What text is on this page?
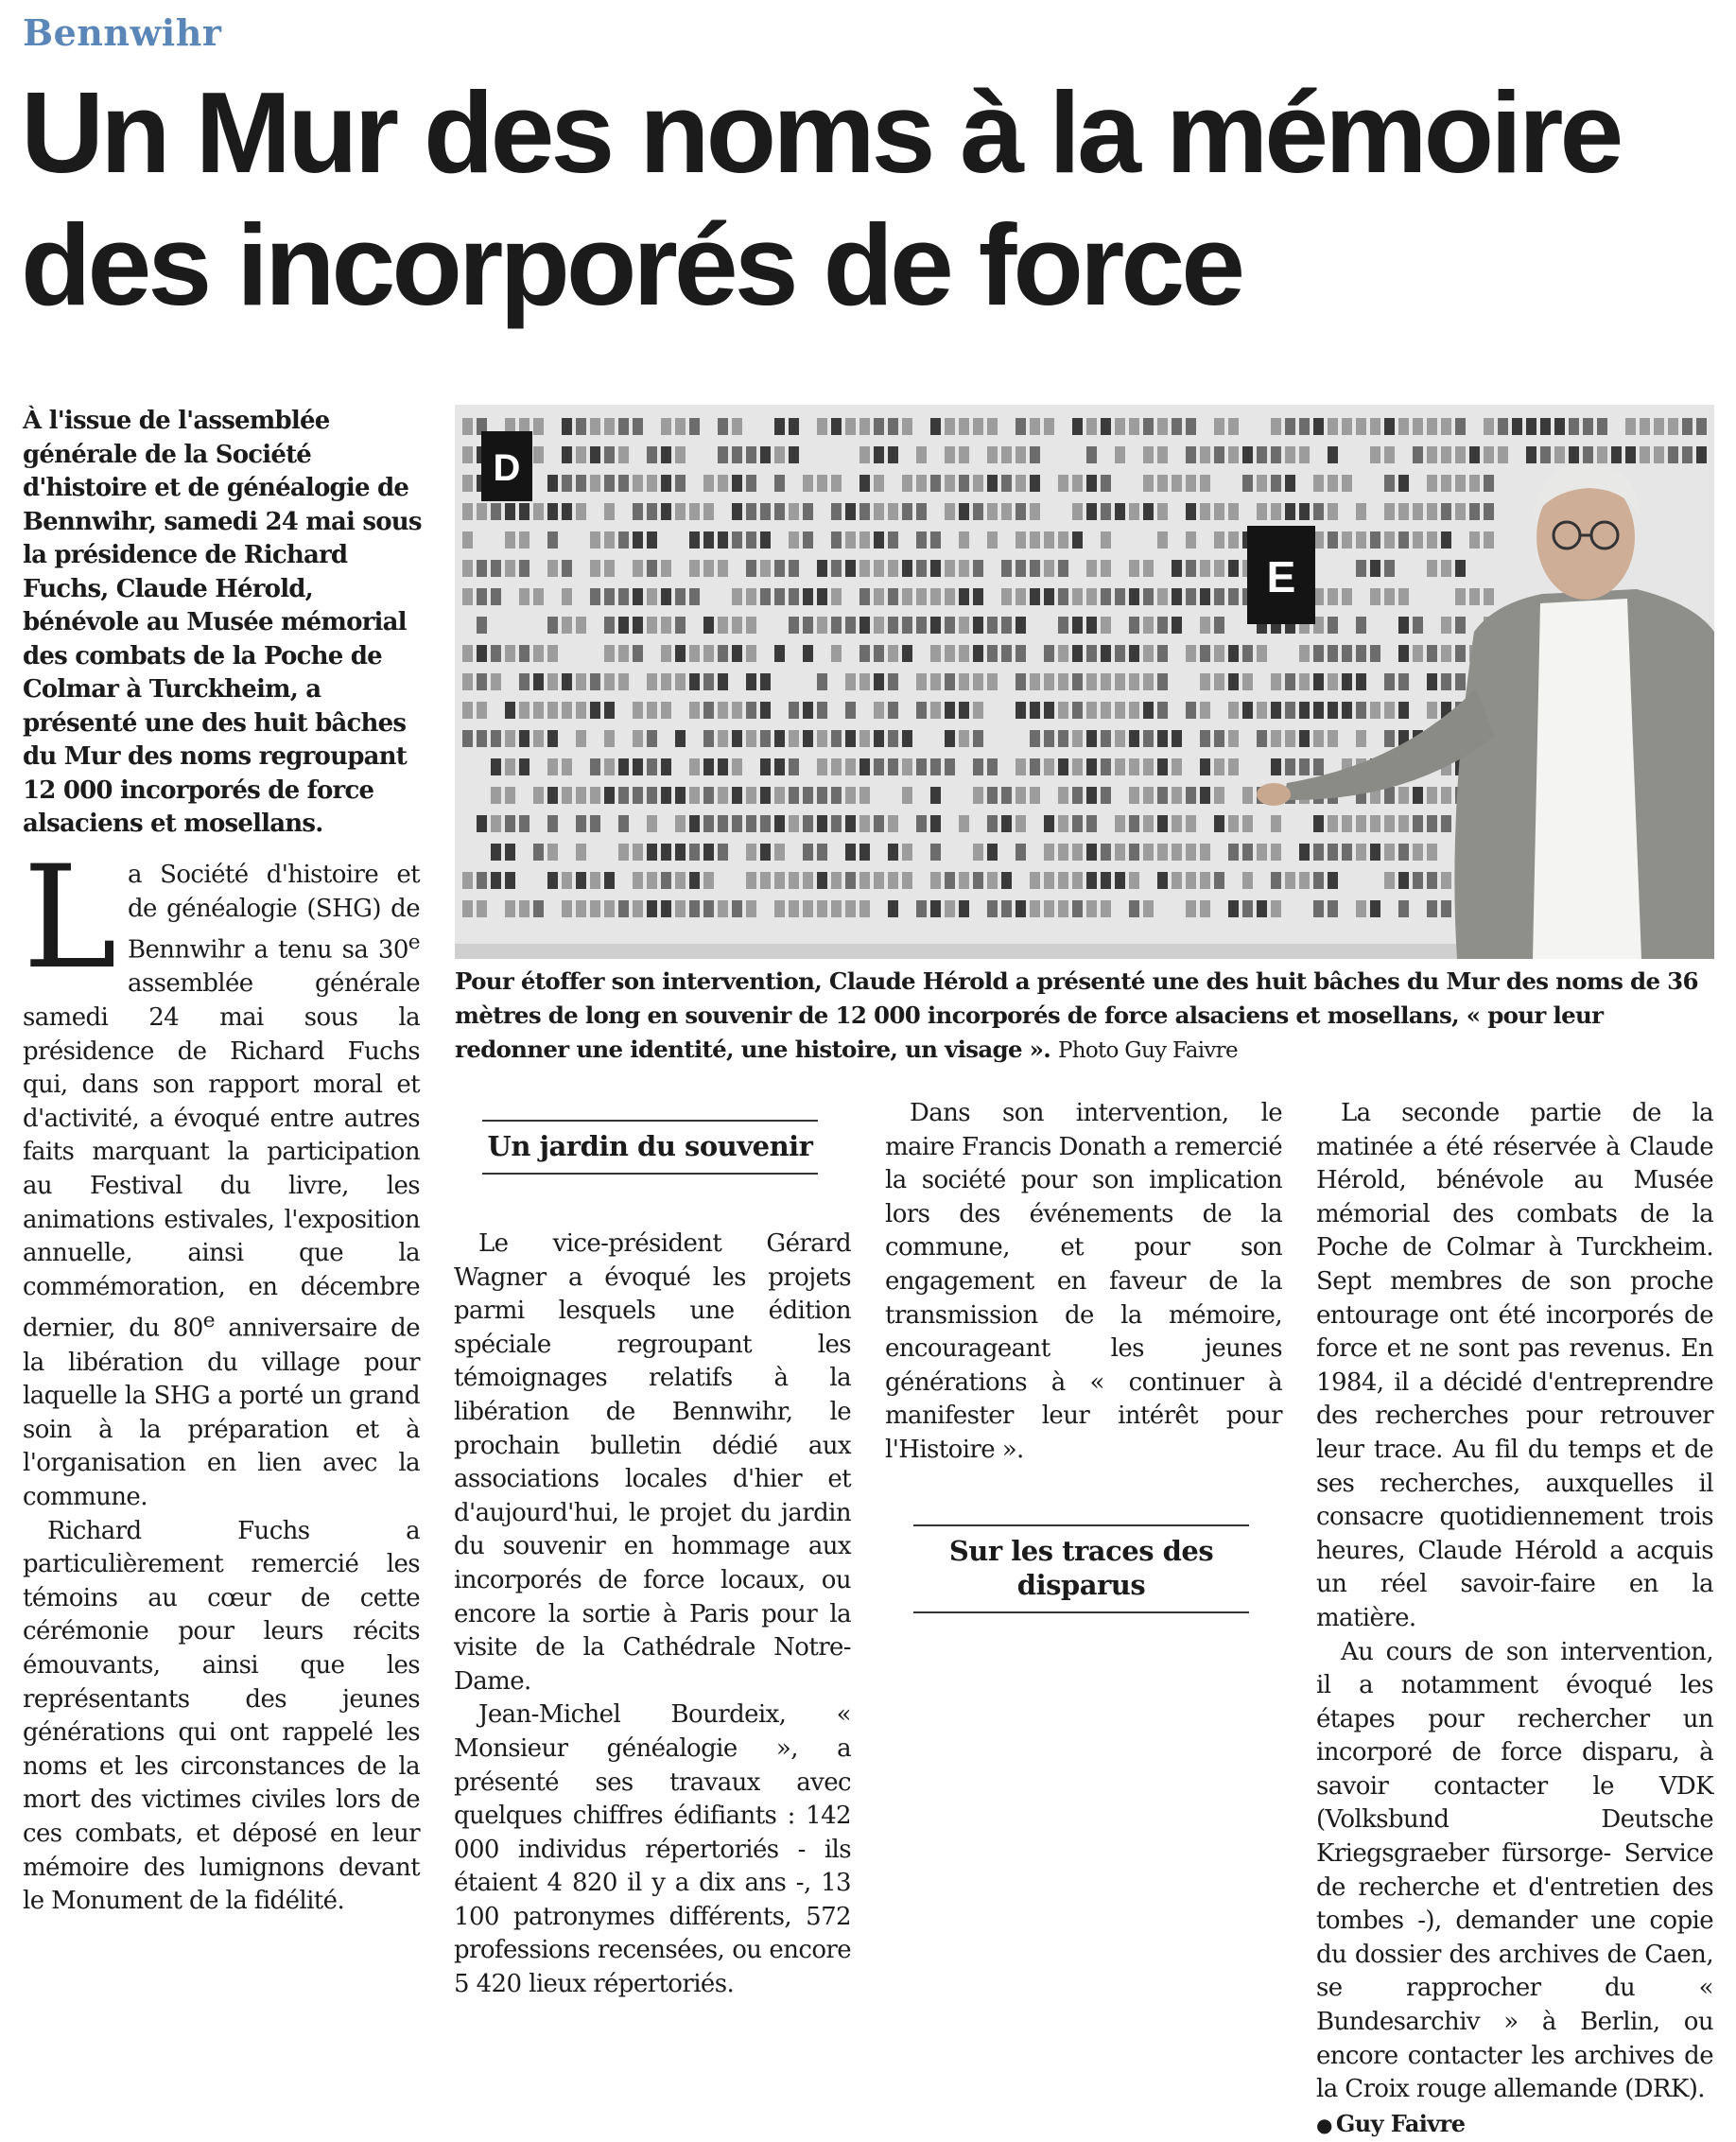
Bennwihr
Un Mur des noms à la mémoire des incorporés de force
À l'issue de l'assemblée générale de la Société d'histoire et de généalogie de Bennwihr, samedi 24 mai sous la présidence de Richard Fuchs, Claude Hérold, bénévole au Musée mémorial des combats de la Poche de Colmar à Turckheim, a présenté une des huit bâches du Mur des noms regroupant 12 000 incorporés de force alsaciens et mosellans.
D
E
Pour étoffer son intervention, Claude Hérold a présenté une des huit bâches du Mur des noms de 36 mètres de long en souvenir de 12 000 incorporés de force alsaciens et mosellans, « pour leur redonner une identité, une histoire, un visage ». Photo Guy Faivre

La Société d'histoire et de généalogie (SHG) de Bennwihr a tenu sa 30e assemblée générale samedi 24 mai sous la présidence de Richard Fuchs qui, dans son rapport moral et d'activité, a évoqué entre autres faits marquant la participation au Festival du livre, les animations estivales, l'exposition annuelle, ainsi que la commémoration, en décembre dernier, du 80e anniversaire de la libération du village pour laquelle la SHG a porté un grand soin à la préparation et à l'organisation en lien avec la commune.

Richard Fuchs a particulièrement remercié les témoins au cœur de cette cérémonie pour leurs récits émouvants, ainsi que les représentants des jeunes générations qui ont rappelé les noms et les circonstances de la mort des victimes civiles lors de ces combats, et déposé en leur mémoire des lumignons devant le Monument de la fidélité.

Un jardin du souvenir

Le vice-président Gérard Wagner a évoqué les projets parmi lesquels une édition spéciale regroupant les témoignages relatifs à la libération de Bennwihr, le prochain bulletin dédié aux associations locales d'hier et d'aujourd'hui, le projet du jardin du souvenir en hommage aux incorporés de force locaux, ou encore la sortie à Paris pour la visite de la Cathédrale Notre-Dame.

Jean-Michel Bourdeix, « Monsieur généalogie », a présenté ses travaux avec quelques chiffres édifiants : 142 000 individus répertoriés - ils étaient 4 820 il y a dix ans -, 13 100 patronymes différents, 572 professions recensées, ou encore 5 420 lieux répertoriés.

Dans son intervention, le maire Francis Donath a remercié la société pour son implication lors des événements de la commune, et pour son engagement en faveur de la transmission de la mémoire, encourageant les jeunes générations à « continuer à manifester leur intérêt pour l'Histoire ».

Sur les traces des disparus

La seconde partie de la matinée a été réservée à Claude Hérold, bénévole au Musée mémorial des combats de la Poche de Colmar à Turckheim. Sept membres de son proche entourage ont été incorporés de force et ne sont pas revenus. En 1984, il a décidé d'entreprendre des recherches pour retrouver leur trace. Au fil du temps et de ses recherches, auxquelles il consacre quotidiennement trois heures, Claude Hérold a acquis un réel savoir-faire en la matière.

Au cours de son intervention, il a notamment évoqué les étapes pour rechercher un incorporé de force disparu, à savoir contacter le VDK (Volksbund Deutsche Kriegsgraeber fürsorge- Service de recherche et d'entretien des tombes -), demander une copie du dossier des archives de Caen, se rapprocher du « Bundesarchiv » à Berlin, ou encore contacter les archives de la Croix rouge allemande (DRK).

● Guy Faivre
